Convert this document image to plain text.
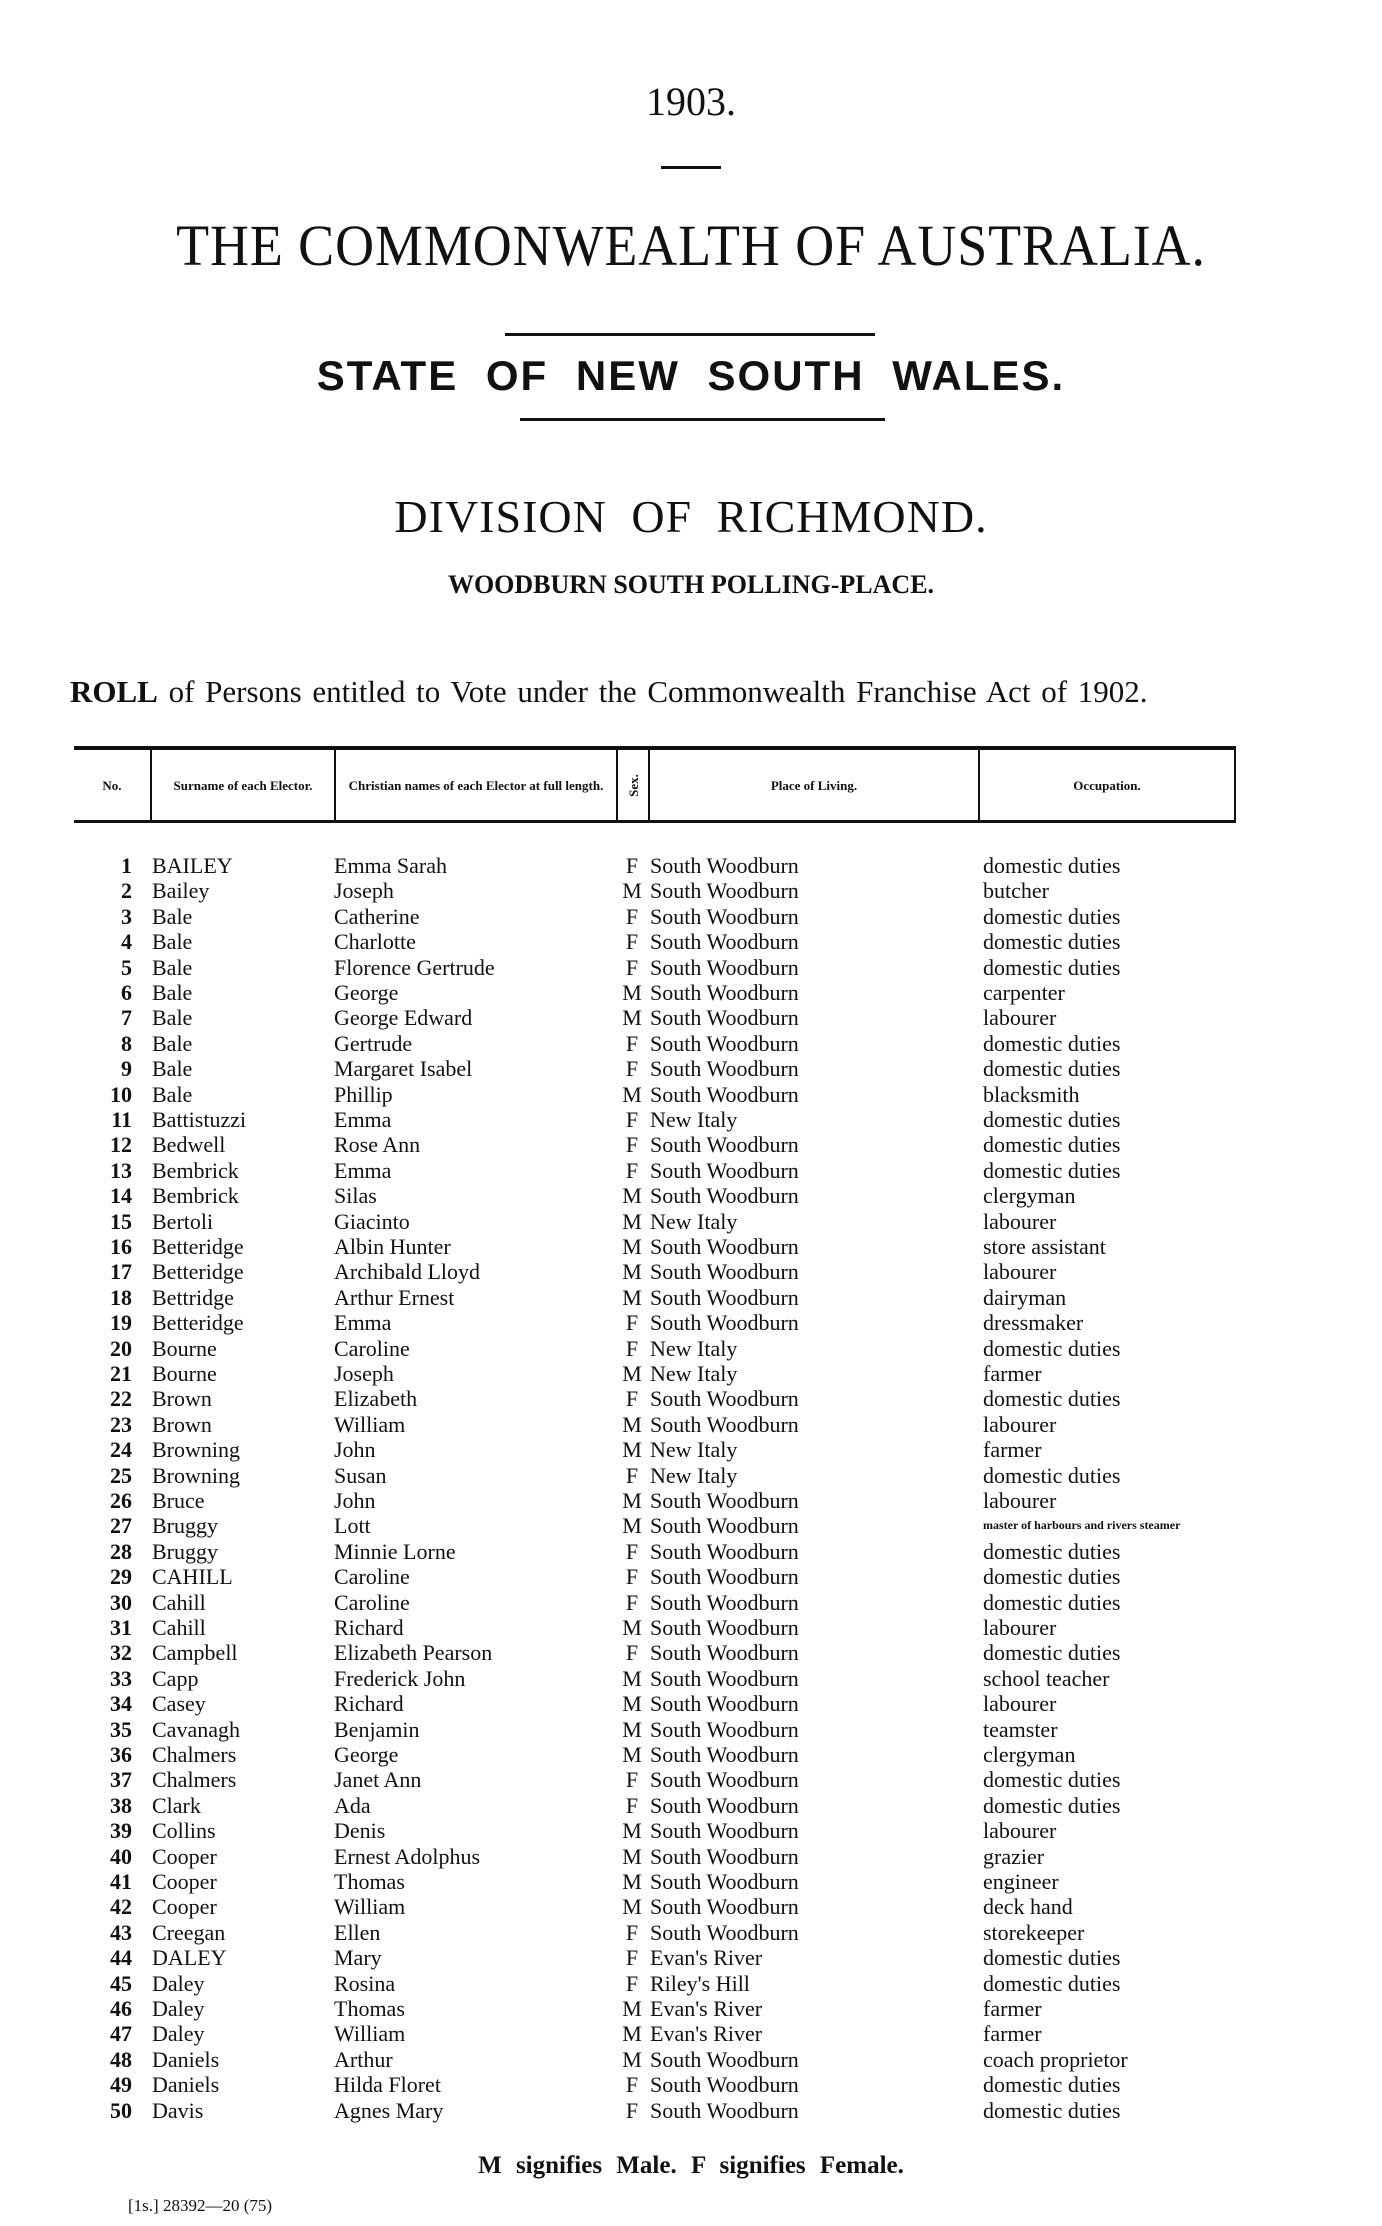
1903.
THE COMMONWEALTH OF AUSTRALIA.
STATE OF NEW SOUTH WALES.
DIVISION OF RICHMOND.
WOODBURN SOUTH POLLING-PLACE.
ROLL of Persons entitled to Vote under the Commonwealth Franchise Act of 1902.
No.	Surname of each Elector.	Christian names of each Elector at full length.	Sex.	Place of Living.	Occupation.
1 BAILEY	Emma Sarah	F South Woodburn	domestic duties
2 Bailey	Joseph	M South Woodburn	butcher
3 Bale	Catherine	F South Woodburn	domestic duties
4 Bale	Charlotte	F South Woodburn	domestic duties
5 Bale	Florence Gertrude	F South Woodburn	domestic duties
6 Bale	George	M South Woodburn	carpenter
7 Bale	George Edward	M South Woodburn	labourer
8 Bale	Gertrude	F South Woodburn	domestic duties
9 Bale	Margaret Isabel	F South Woodburn	domestic duties
10 Bale	Phillip	M South Woodburn	blacksmith
11 Battistuzzi	Emma	F New Italy	domestic duties
12 Bedwell	Rose Ann	F South Woodburn	domestic duties
13 Bembrick	Emma	F South Woodburn	domestic duties
14 Bembrick	Silas	M South Woodburn	clergyman
15 Bertoli	Giacinto	M New Italy	labourer
16 Betteridge	Albin Hunter	M South Woodburn	store assistant
17 Betteridge	Archibald Lloyd	M South Woodburn	labourer
18 Bettridge	Arthur Ernest	M South Woodburn	dairyman
19 Betteridge	Emma	F South Woodburn	dressmaker
20 Bourne	Caroline	F New Italy	domestic duties
21 Bourne	Joseph	M New Italy	farmer
22 Brown	Elizabeth	F South Woodburn	domestic duties
23 Brown	William	M South Woodburn	labourer
24 Browning	John	M New Italy	farmer
25 Browning	Susan	F New Italy	domestic duties
26 Bruce	John	M South Woodburn	labourer
27 Bruggy	Lott	M South Woodburn	master of harbours and rivers steamer
28 Bruggy	Minnie Lorne	F South Woodburn	domestic duties
29 CAHILL	Caroline	F South Woodburn	domestic duties
30 Cahill	Caroline	F South Woodburn	domestic duties
31 Cahill	Richard	M South Woodburn	labourer
32 Campbell	Elizabeth Pearson	F South Woodburn	domestic duties
33 Capp	Frederick John	M South Woodburn	school teacher
34 Casey	Richard	M South Woodburn	labourer
35 Cavanagh	Benjamin	M South Woodburn	teamster
36 Chalmers	George	M South Woodburn	clergyman
37 Chalmers	Janet Ann	F South Woodburn	domestic duties
38 Clark	Ada	F South Woodburn	domestic duties
39 Collins	Denis	M South Woodburn	labourer
40 Cooper	Ernest Adolphus	M South Woodburn	grazier
41 Cooper	Thomas	M South Woodburn	engineer
42 Cooper	William	M South Woodburn	deck hand
43 Creegan	Ellen	F South Woodburn	storekeeper
44 DALEY	Mary	F Evan's River	domestic duties
45 Daley	Rosina	F Riley's Hill	domestic duties
46 Daley	Thomas	M Evan's River	farmer
47 Daley	William	M Evan's River	farmer
48 Daniels	Arthur	M South Woodburn	coach proprietor
49 Daniels	Hilda Floret	F South Woodburn	domestic duties
50 Davis	Agnes Mary	F South Woodburn	domestic duties
M signifies Male. F signifies Female.
[1s.] 28392—20 (75)
